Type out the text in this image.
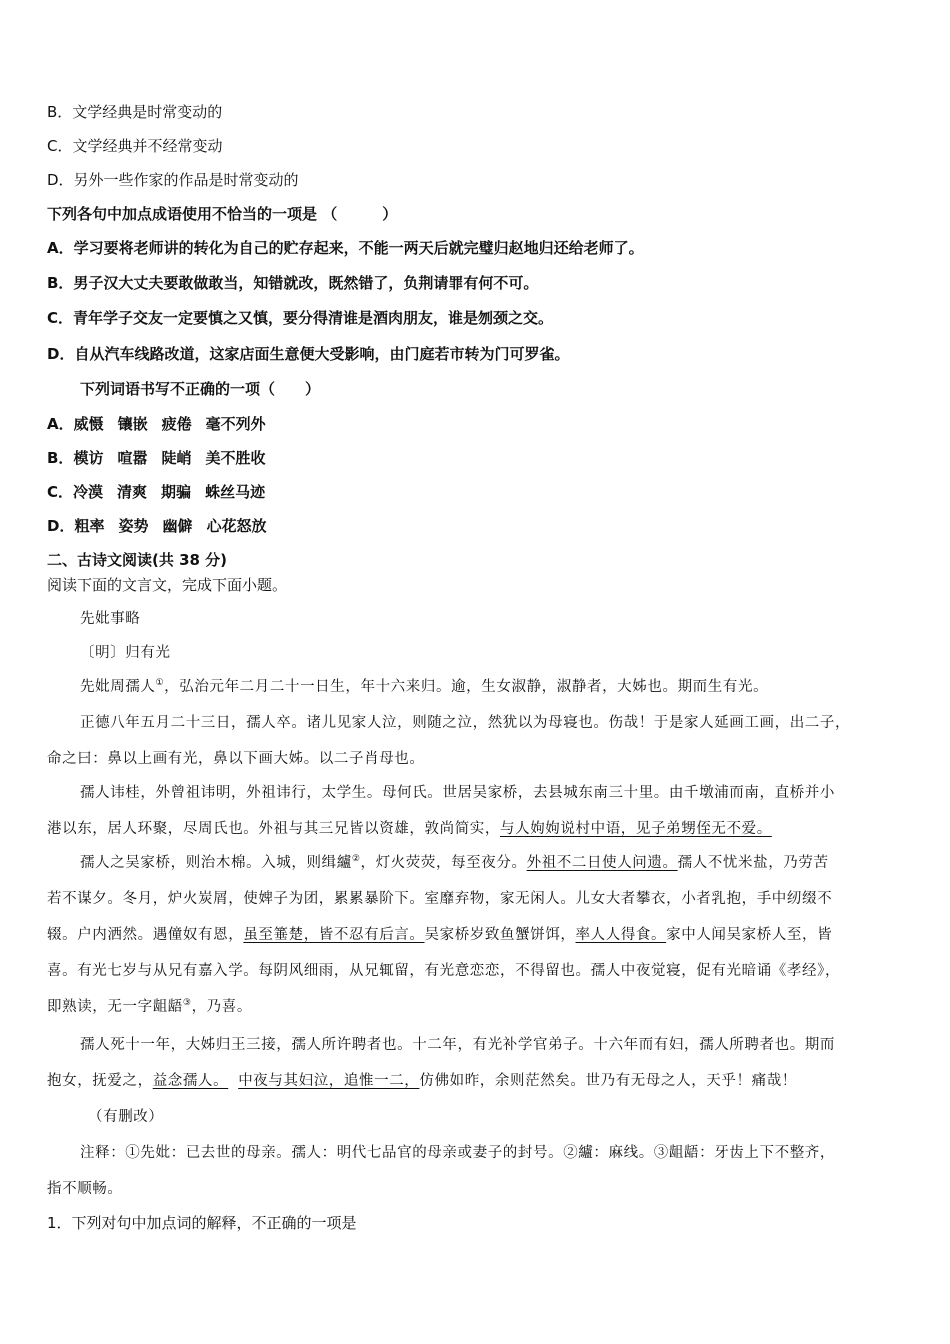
B．文学经典是时常变动的
C．文学经典并不经常变动
D．另外一些作家的作品是时常变动的
下列各句中加点成语使用不恰当的一项是 （　　　）
A．学习要将老师讲的转化为自己的贮存起来，不能一两天后就完璧归赵地归还给老师了。
B．男子汉大丈夫要敢做敢当，知错就改，既然错了，负荆请罪有何不可。
C．青年学子交友一定要慎之又慎，要分得清谁是酒肉朋友，谁是刎颈之交。
D．自从汽车线路改道，这家店面生意便大受影响，由门庭若市转为门可罗雀。
下列词语书写不正确的一项（　　）
A．威慑 镶嵌 疲倦 毫不列外
B．模访 喧嚣 陡峭 美不胜收
C．冷漠 清爽 期骗 蛛丝马迹
D．粗率 姿势 幽僻 心花怒放
二、古诗文阅读(共 38 分)
阅读下面的文言文，完成下面小题。
先妣事略
〔明〕归有光
先妣周孺人①，弘治元年二月二十一日生，年十六来归。逾，生女淑静，淑静者，大姊也。期而生有光。
正德八年五月二十三日，孺人卒。诸儿见家人泣，则随之泣，然犹以为母寝也。伤哉！于是家人延画工画，出二子，
命之曰：鼻以上画有光，鼻以下画大姊。以二子肖母也。
孺人讳桂，外曾祖讳明，外祖讳行，太学生。母何氏。世居吴家桥，去县城东南三十里。由千墩浦而南，直桥并小
港以东，居人环聚，尽周氏也。外祖与其三兄皆以资雄，敦尚简实，与人姁姁说村中语，见子弟甥侄无不爱。
孺人之吴家桥，则治木棉。入城，则缉纑②，灯火荧荧，每至夜分。外祖不二日使人问遗。孺人不忧米盐，乃劳苦
若不谋夕。冬月，炉火炭屑，使婢子为团，累累暴阶下。室靡弃物，家无闲人。儿女大者攀衣，小者乳抱，手中纫缀不
辍。户内洒然。遇僮奴有恩，虽至箠楚，皆不忍有后言。吴家桥岁致鱼蟹饼饵，率人人得食。家中人闻吴家桥人至，皆
喜。有光七岁与从兄有嘉入学。每阴风细雨，从兄辄留，有光意恋恋，不得留也。孺人中夜觉寝，促有光暗诵《孝经》，
即熟读，无一字龃龉③，乃喜。
孺人死十一年，大姊归王三接，孺人所许聘者也。十二年，有光补学官弟子。十六年而有妇，孺人所聘者也。期而
抱女，抚爱之，益念孺人。 中夜与其妇泣，追惟一二，仿佛如昨，余则茫然矣。世乃有无母之人，天乎！痛哉！
（有删改）
注释：①先妣：已去世的母亲。孺人：明代七品官的母亲或妻子的封号。②纑：麻线。③龃龉：牙齿上下不整齐，
指不顺畅。
1．下列对句中加点词的解释，不正确的一项是
